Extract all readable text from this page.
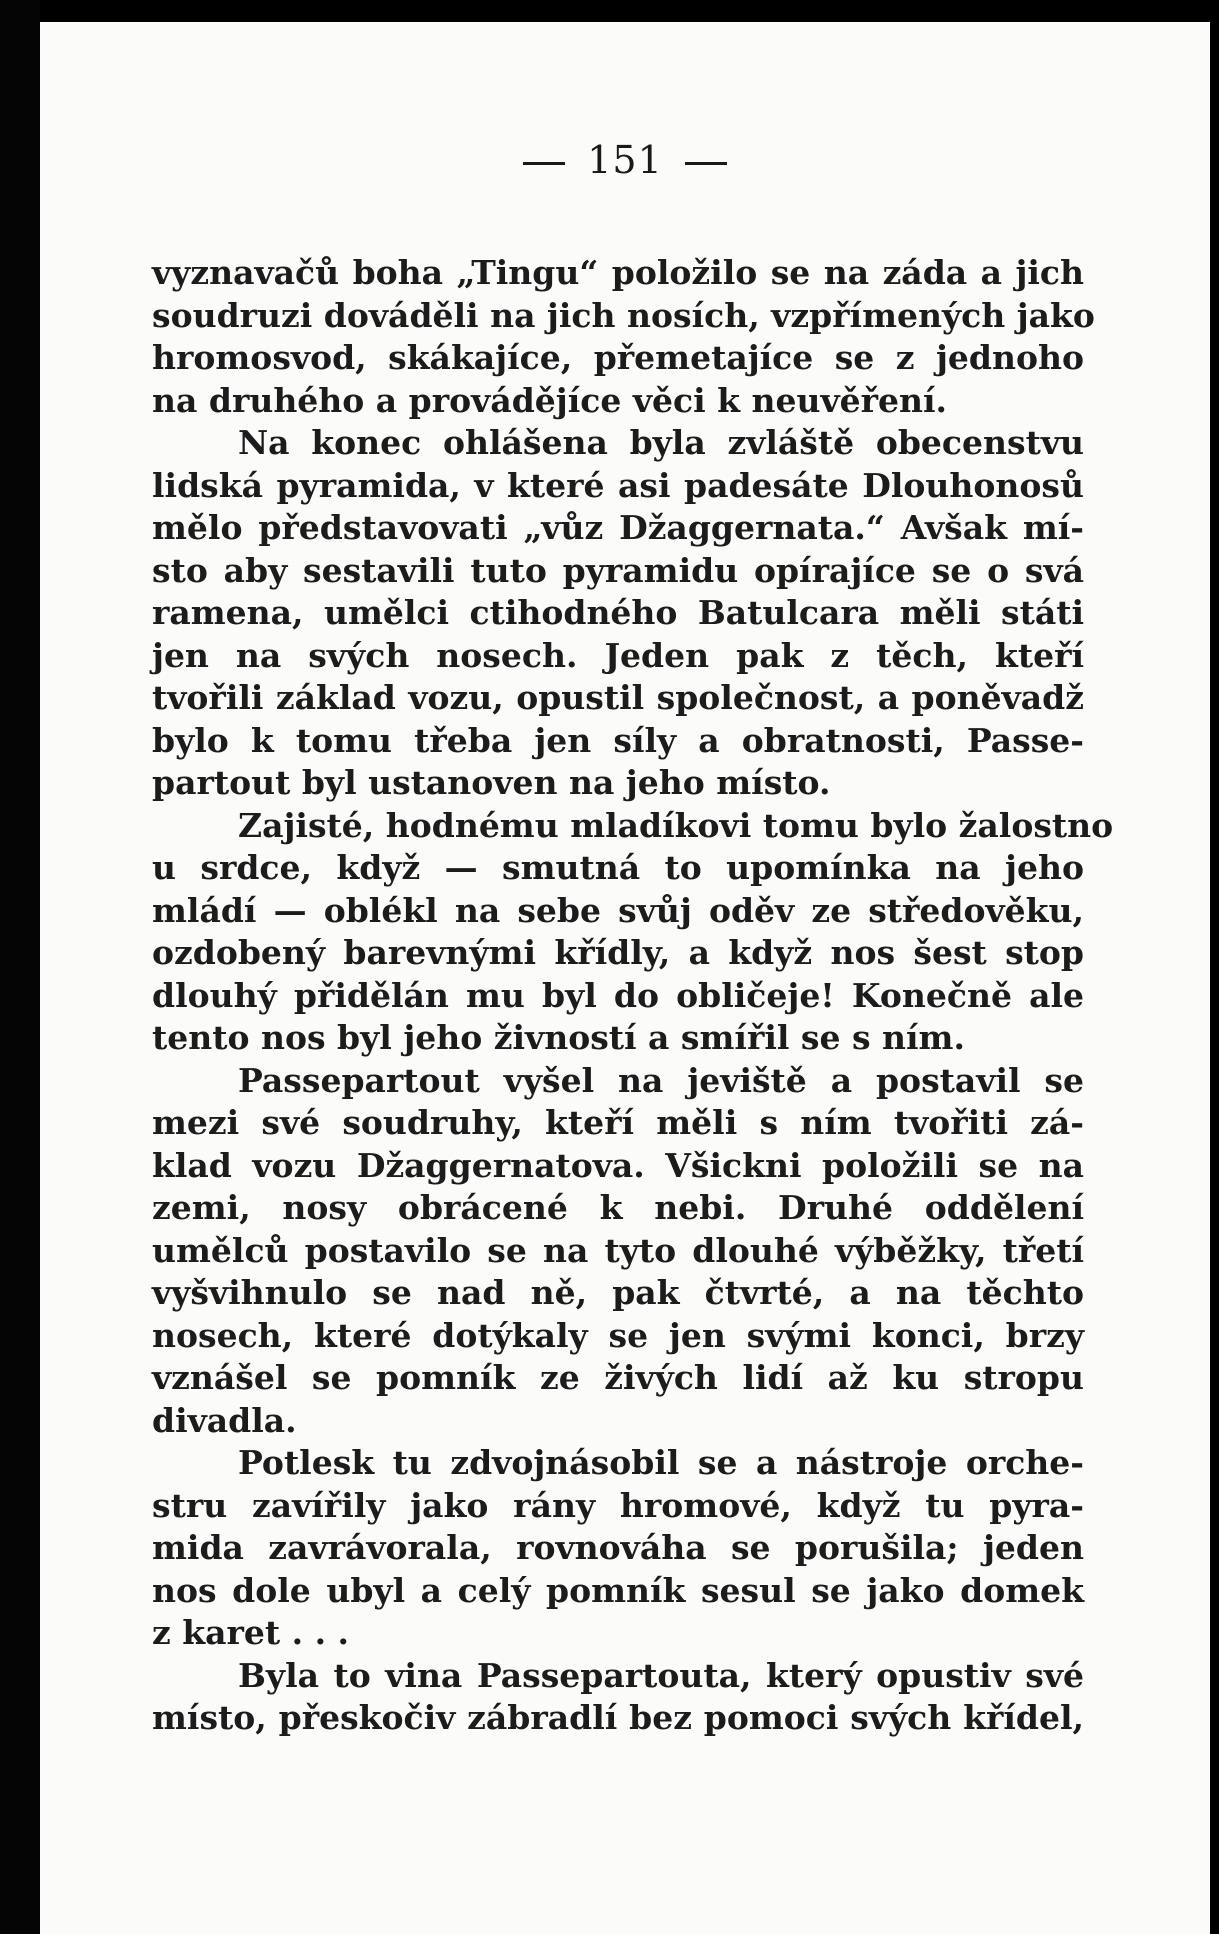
151
vyznavačů boha „Tingu“ položilo se na záda a jich
soudruzi dováděli na jich nosích, vzpřímených jako
hromosvod, skákajíce, přemetajíce se z jednoho
na druhého a provádějíce věci k neuvěření.
Na konec ohlášena byla zvláště obecenstvu
lidská pyramida, v které asi padesáte Dlouhonosů
mělo představovati „vůz Džaggernata.“ Avšak mí-
sto aby sestavili tuto pyramidu opírajíce se o svá
ramena, umělci ctihodného Batulcara měli státi
jen na svých nosech. Jeden pak z těch, kteří
tvořili základ vozu, opustil společnost, a poněvadž
bylo k tomu třeba jen síly a obratnosti, Passe-
partout byl ustanoven na jeho místo.
Zajisté, hodnému mladíkovi tomu bylo žalostno
u srdce, když — smutná to upomínka na jeho
mládí — oblékl na sebe svůj oděv ze středověku,
ozdobený barevnými křídly, a když nos šest stop
dlouhý přidělán mu byl do obličeje! Konečně ale
tento nos byl jeho živností a smířil se s ním.
Passepartout vyšel na jeviště a postavil se
mezi své soudruhy, kteří měli s ním tvořiti zá-
klad vozu Džaggernatova. Všickni položili se na
zemi, nosy obrácené k nebi. Druhé oddělení
umělců postavilo se na tyto dlouhé výběžky, třetí
vyšvihnulo se nad ně, pak čtvrté, a na těchto
nosech, které dotýkaly se jen svými konci, brzy
vznášel se pomník ze živých lidí až ku stropu
divadla.
Potlesk tu zdvojnásobil se a nástroje orche-
stru zavířily jako rány hromové, když tu pyra-
mida zavrávorala, rovnováha se porušila; jeden
nos dole ubyl a celý pomník sesul se jako domek
z karet . . .
Byla to vina Passepartouta, který opustiv své
místo, přeskočiv zábradlí bez pomoci svých křídel,
